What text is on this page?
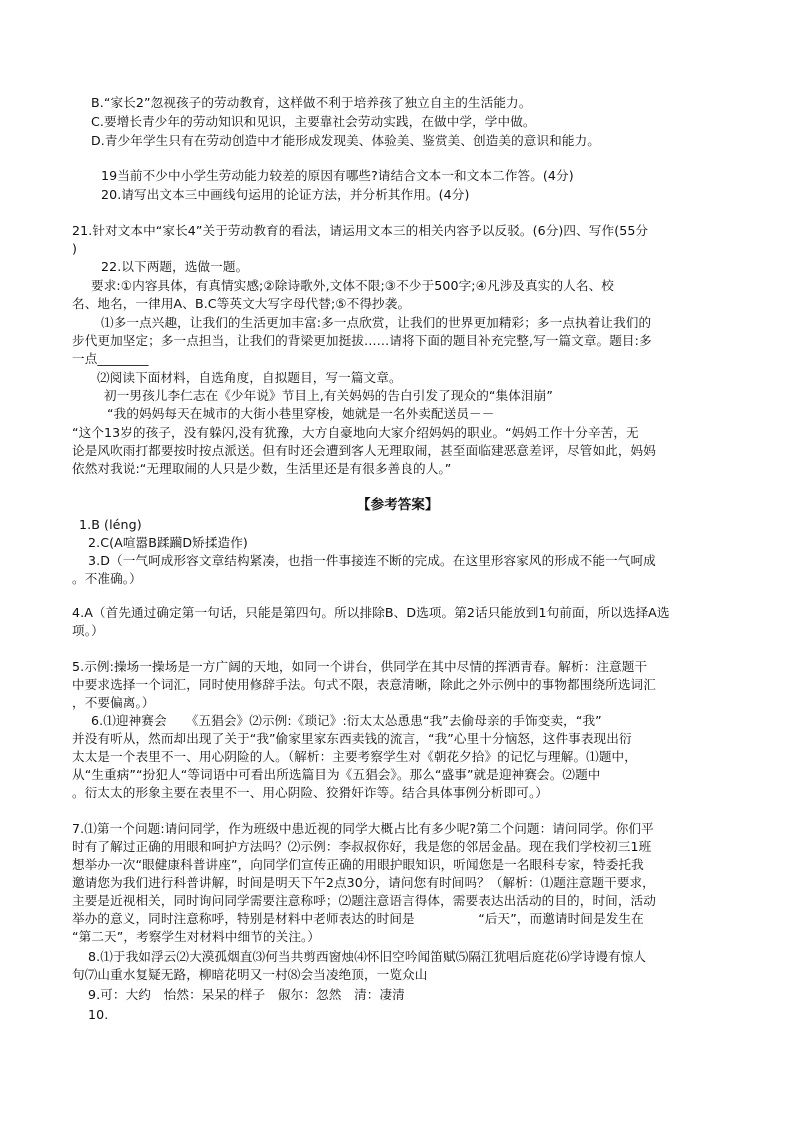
B.“家长2”忽视孩子的劳动教育，这样做不利于培养孩了独立自主的生活能力。
C.要增长青少年的劳动知识和见识，主要靠社会劳动实践，在做中学，学中做。
D.青少年学生只有在劳动创造中才能形成发现美、体验美、鉴赏美、创造美的意识和能力。
19当前不少中小学生劳动能力较差的原因有哪些?请结合文本一和文本二作答。(4分)
20.请写出文本三中画线句运用的论证方法，并分析其作用。(4分)
21.针对文本中“家长4”关于劳动教育的看法，请运用文本三的相关内容予以反驳。(6分)四、写作(55分
)
22.以下两题，选做一题。
要求:①内容具体，有真情实感;②除诗歌外,文体不限;③不少于500字;④凡涉及真实的人名、校
名、地名，一律用A、B.C等英文大写字母代替;⑤不得抄袭。
⑴多一点兴趣，让我们的生活更加丰富:多一点欣赏，让我们的世界更加精彩；多一点执着让我们的
步代更加坚定；多一点担当，让我们的背梁更加挺拔……请将下面的题目补充完整,写一篇文章。题目:多
一点________
⑵阅读下面材料，自选角度，自拟题目，写一篇文章。
初一男孩儿李仁志在《少年说》节目上,有关妈妈的告白引发了现众的“集体泪崩”
“我的妈妈每天在城市的大街小巷里穿梭，她就是一名外卖配送员－－
“这个13岁的孩子，没有躲闪,没有犹豫，大方自豪地向大家介绍妈妈的职业。“妈妈工作十分辛苦，无
论是风吹雨打都要按时按点派送。但有时还会遭到客人无理取闹，甚至面临建恶意差评，尽管如此，妈妈
依然对我说:“无理取闹的人只是少数，生活里还是有很多善良的人。”
【参考答案】
1.B (léng)
2.C(A喧嚣B蹂躏D矫揉造作)
3.D（一气呵成形容文章结构紧凑，也指一件事接连不断的完成。在这里形容家风的形成不能一气呵成
。不准确。）
4.A（首先通过确定第一句话，只能是第四句。所以排除B、D选项。第2话只能放到1句前面，所以选择A选
项。）
5.示例:操场一操场是一方广阔的天地，如同一个讲台，供同学在其中尽情的挥洒青春。解析：注意题干
中要求选择一个词汇，同时使用修辞手法。句式不限，表意清晰，除此之外示例中的事物都围绕所选词汇
，不要偏离。）
6.⑴迎神赛会　　《五猖会》⑵示例:《琐记》:衍太太怂恿患“我”去偷母亲的手饰变卖，“我”
并没有听从，然而却出现了关于“我”偷家里家东西卖钱的流言，“我”心里十分恼怒，这件事表现出衍
太太是一个表里不一、用心阴险的人。（解析：主要考察学生对《朝花夕拾》的记忆与理解。⑴题中，
从“生重病”“扮犯人“等词语中可看出所选篇目为《五猖会》。那么“盛事”就是迎神赛会。⑵题中
。衍太太的形象主要在表里不一、用心阴险、狡猾奸诈等。结合具体事例分析即可。）
7.⑴第一个问题:请问同学，作为班级中患近视的同学大概占比有多少呢?第二个问题：请问同学。你们平
时有了解过正确的用眼和呵护方法吗？⑵示例：李叔叔你好，我是您的邻居金晶。现在我们学校初三1班
想举办一次“眼健康科普讲座”，向同学们宣传正确的用眼护眼知识，听闻您是一名眼科专家，特委托我
邀请您为我们进行科普讲解，时间是明天下午2点30分，请问您有时间吗？（解析：⑴题注意题干要求，
主要是近视相关，同时询问同学需要注意称呼；⑵题注意语言得体，需要表达出活动的目的，时间，活动
举办的意义，同时注意称呼，特别是材料中老师表达的时间是　　　　　“后天”，而邀请时间是发生在
“第二天”，考察学生对材料中细节的关注。）
8.⑴于我如浮云⑵大漠孤烟直⑶何当共剪西窗烛⑷怀旧空吟闻笛赋⑸隔江犹唱后庭花⑹学诗谩有惊人
句⑺山重水复疑无路，柳暗花明又一村⑻会当凌绝顶，一览众山
9.可：大约　怡然：呆呆的样子　俶尔：忽然　清：凄清
10.
